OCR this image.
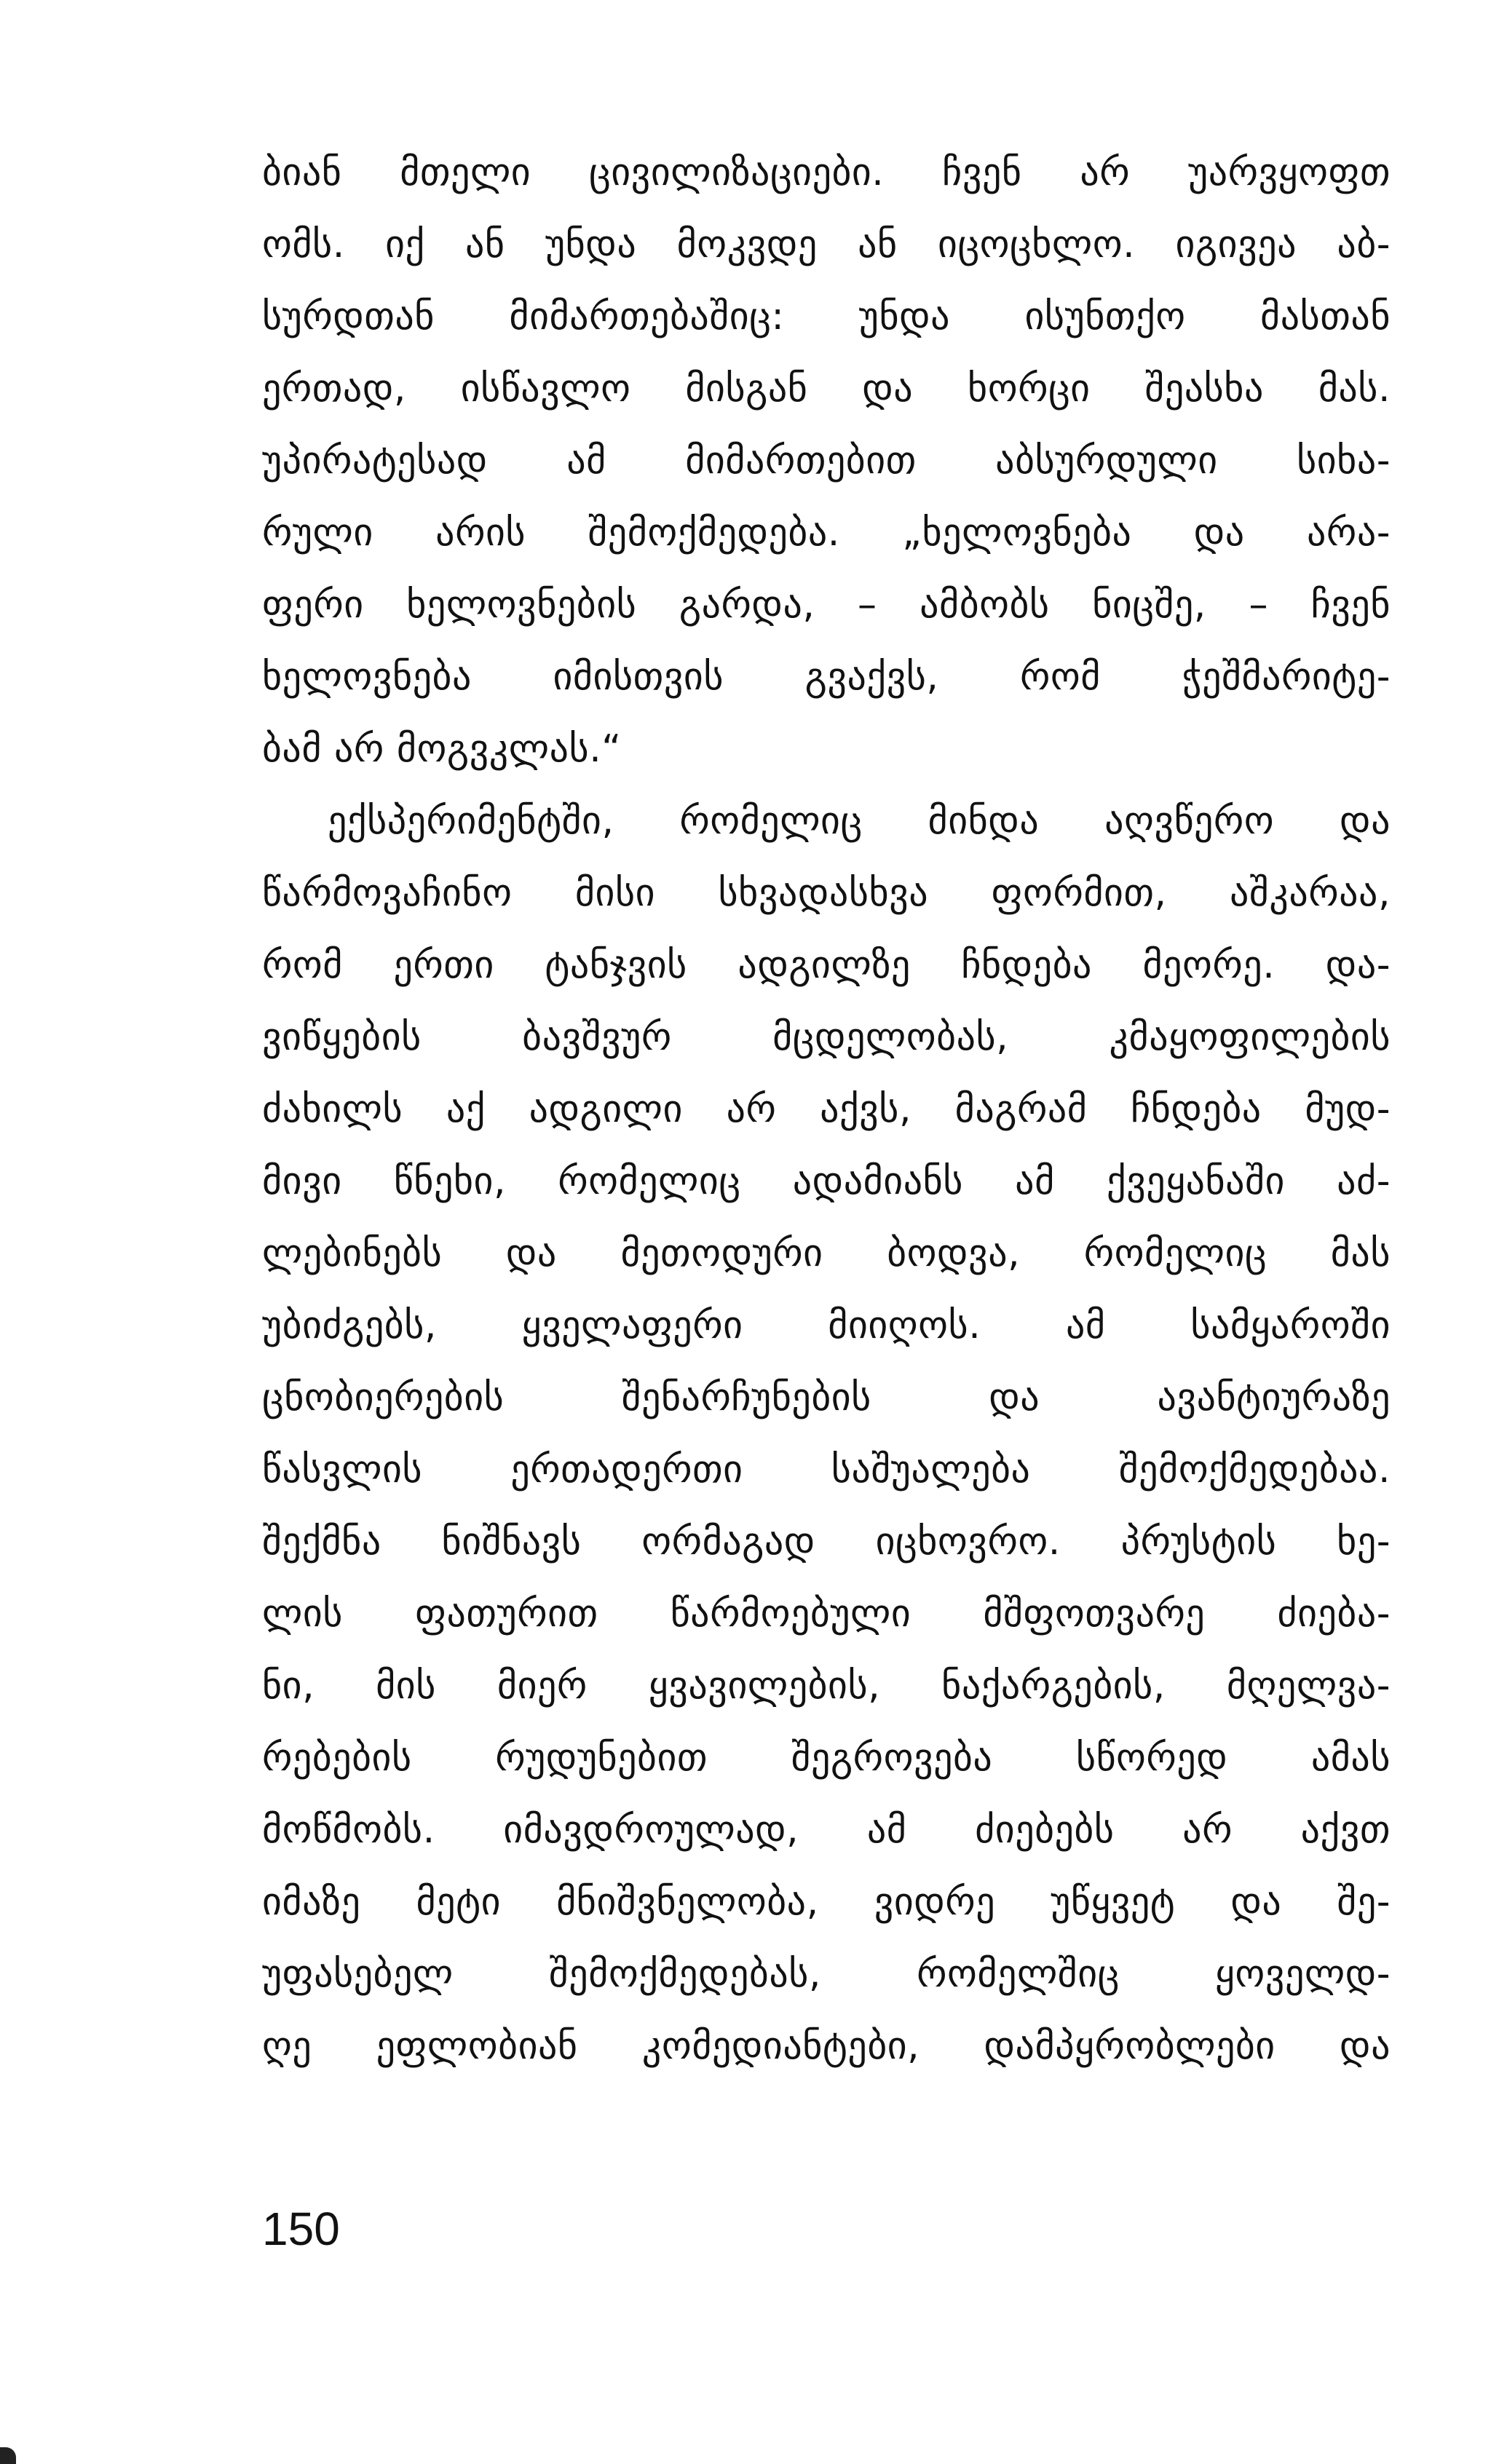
ბიან მთელი ცივილიზაციები. ჩვენ არ უარვყოფთ
ომს. იქ ან უნდა მოკვდე ან იცოცხლო. იგივეა აბ-
სურდთან მიმართებაშიც: უნდა ისუნთქო მასთან
ერთად, ისწავლო მისგან და ხორცი შეასხა მას.
უპირატესად ამ მიმართებით აბსურდული სიხა-
რული არის შემოქმედება. „ხელოვნება და არა-
ფერი ხელოვნების გარდა, – ამბობს ნიცშე, – ჩვენ
ხელოვნება იმისთვის გვაქვს, რომ ჭეშმარიტე-
ბამ არ მოგვკლას.“
ექსპერიმენტში, რომელიც მინდა აღვწერო და
წარმოვაჩინო მისი სხვადასხვა ფორმით, აშკარაა,
რომ ერთი ტანჯვის ადგილზე ჩნდება მეორე. და-
ვიწყების ბავშვურ მცდელობას, კმაყოფილების
ძახილს აქ ადგილი არ აქვს, მაგრამ ჩნდება მუდ-
მივი წნეხი, რომელიც ადამიანს ამ ქვეყანაში აძ-
ლებინებს და მეთოდური ბოდვა, რომელიც მას
უბიძგებს, ყველაფერი მიიღოს. ამ სამყაროში
ცნობიერების შენარჩუნების და ავანტიურაზე
წასვლის ერთადერთი საშუალება შემოქმედებაა.
შექმნა ნიშნავს ორმაგად იცხოვრო. პრუსტის ხე-
ლის ფათურით წარმოებული მშფოთვარე ძიება-
ნი, მის მიერ ყვავილების, ნაქარგების, მღელვა-
რებების რუდუნებით შეგროვება სწორედ ამას
მოწმობს. იმავდროულად, ამ ძიებებს არ აქვთ
იმაზე მეტი მნიშვნელობა, ვიდრე უწყვეტ და შე-
უფასებელ შემოქმედებას, რომელშიც ყოველდ-
ღე ეფლობიან კომედიანტები, დამპყრობლები და
150
